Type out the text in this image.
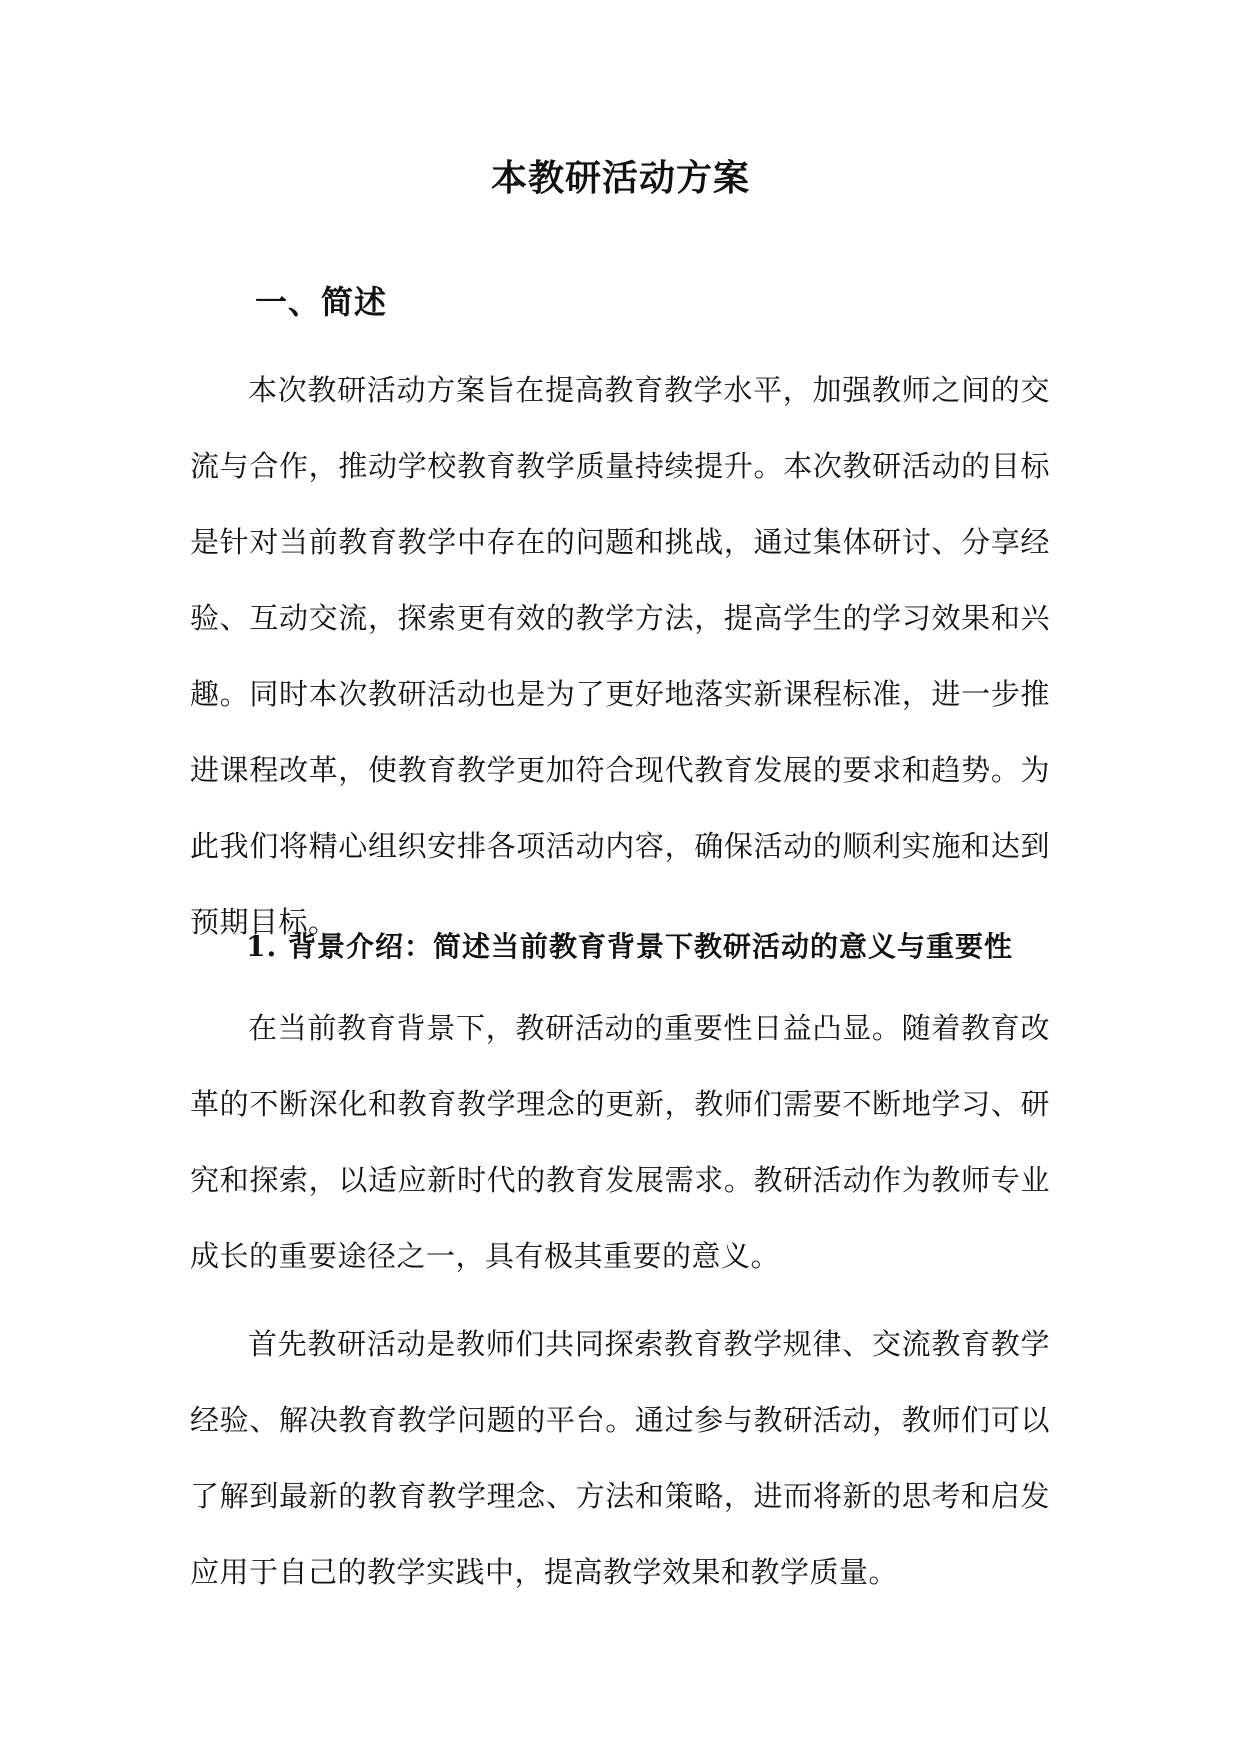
本教研活动方案
一、简述

本次教研活动方案旨在提高教育教学水平，加强教师之间的交流与合作，推动学校教育教学质量持续提升。本次教研活动的目标是针对当前教育教学中存在的问题和挑战，通过集体研讨、分享经验、互动交流，探索更有效的教学方法，提高学生的学习效果和兴趣。同时本次教研活动也是为了更好地落实新课程标准，进一步推进课程改革，使教育教学更加符合现代教育发展的要求和趋势。为此我们将精心组织安排各项活动内容，确保活动的顺利实施和达到预期目标。

1. 背景介绍：简述当前教育背景下教研活动的意义与重要性

在当前教育背景下，教研活动的重要性日益凸显。随着教育改革的不断深化和教育教学理念的更新，教师们需要不断地学习、研究和探索，以适应新时代的教育发展需求。教研活动作为教师专业成长的重要途径之一，具有极其重要的意义。

首先教研活动是教师们共同探索教育教学规律、交流教育教学经验、解决教育教学问题的平台。通过参与教研活动，教师们可以了解到最新的教育教学理念、方法和策略，进而将新的思考和启发应用于自己的教学实践中，提高教学效果和教学质量。
